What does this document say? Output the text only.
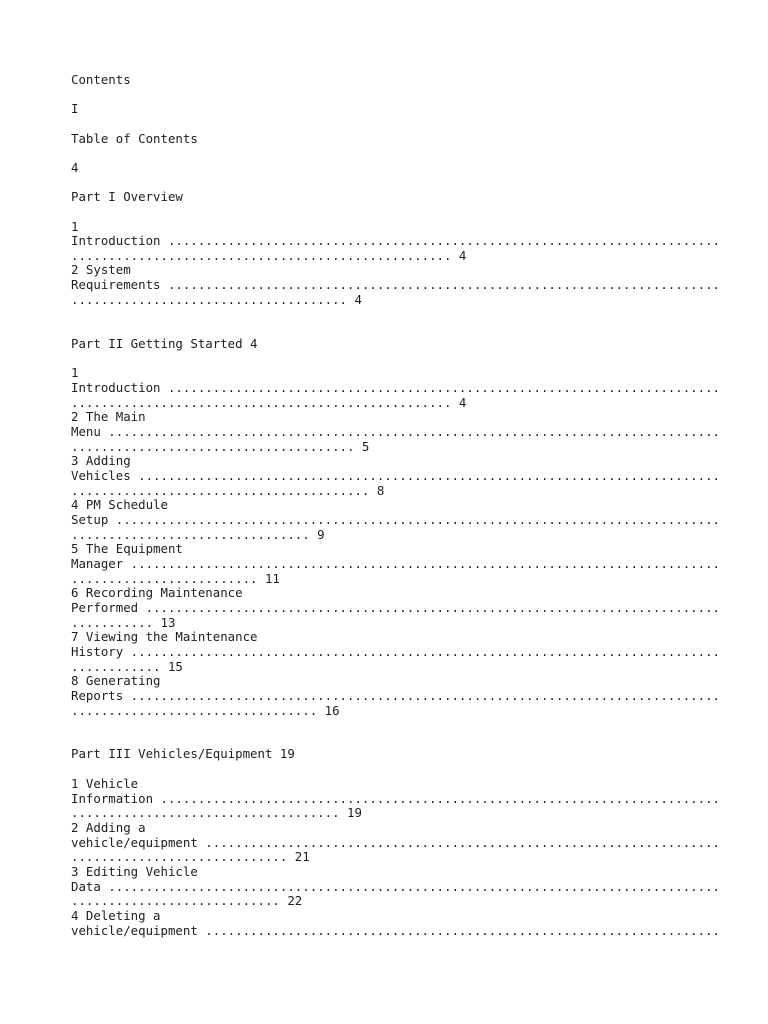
Contents
I
Table of Contents
4
Part I Overview
1
Introduction ..........................................................................
................................................... 4
2 System
Requirements ..........................................................................
..................................... 4
Part II Getting Started 4
1
Introduction ..........................................................................
................................................... 4
2 The Main
Menu ..................................................................................
...................................... 5
3 Adding
Vehicles ..............................................................................
........................................ 8
4 PM Schedule
Setup .................................................................................
................................ 9
5 The Equipment
Manager ...............................................................................
......................... 11
6 Recording Maintenance
Performed .............................................................................
........... 13
7 Viewing the Maintenance
History ...............................................................................
............ 15
8 Generating
Reports ...............................................................................
................................. 16
Part III Vehicles/Equipment 19
1 Vehicle
Information ...........................................................................
.................................... 19
2 Adding a
vehicle/equipment .....................................................................
............................. 21
3 Editing Vehicle
Data ..................................................................................
............................ 22
4 Deleting a
vehicle/equipment .....................................................................
